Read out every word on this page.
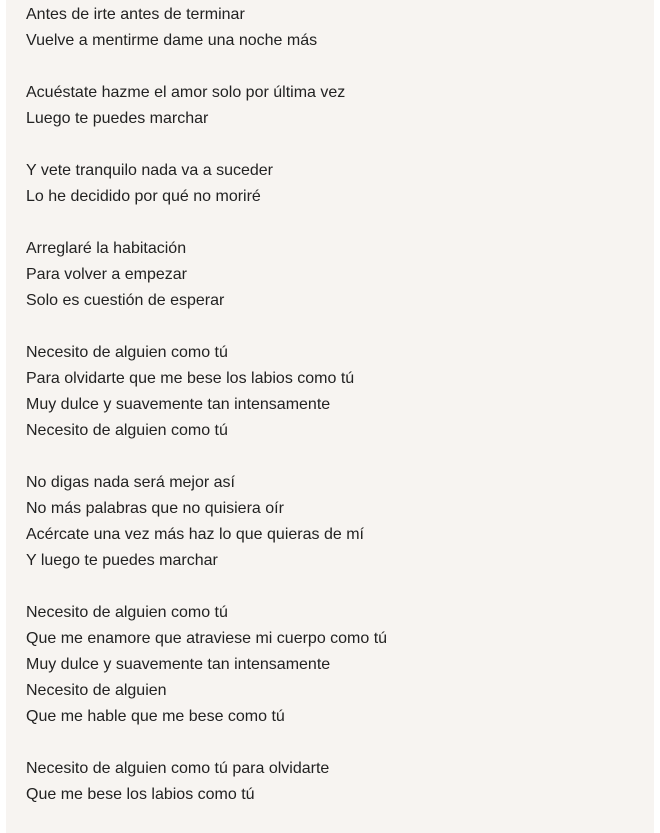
Antes de irte antes de terminar
Vuelve a mentirme dame una noche más
Acuéstate hazme el amor solo por última vez
Luego te puedes marchar
Y vete tranquilo nada va a suceder
Lo he decidido por qué no moriré
Arreglaré la habitación
Para volver a empezar
Solo es cuestión de esperar
Necesito de alguien como tú
Para olvidarte que me bese los labios como tú
Muy dulce y suavemente tan intensamente
Necesito de alguien como tú
No digas nada será mejor así
No más palabras que no quisiera oír
Acércate una vez más haz lo que quieras de mí
Y luego te puedes marchar
Necesito de alguien como tú
Que me enamore que atraviese mi cuerpo como tú
Muy dulce y suavemente tan intensamente
Necesito de alguien
Que me hable que me bese como tú
Necesito de alguien como tú para olvidarte
Que me bese los labios como tú
